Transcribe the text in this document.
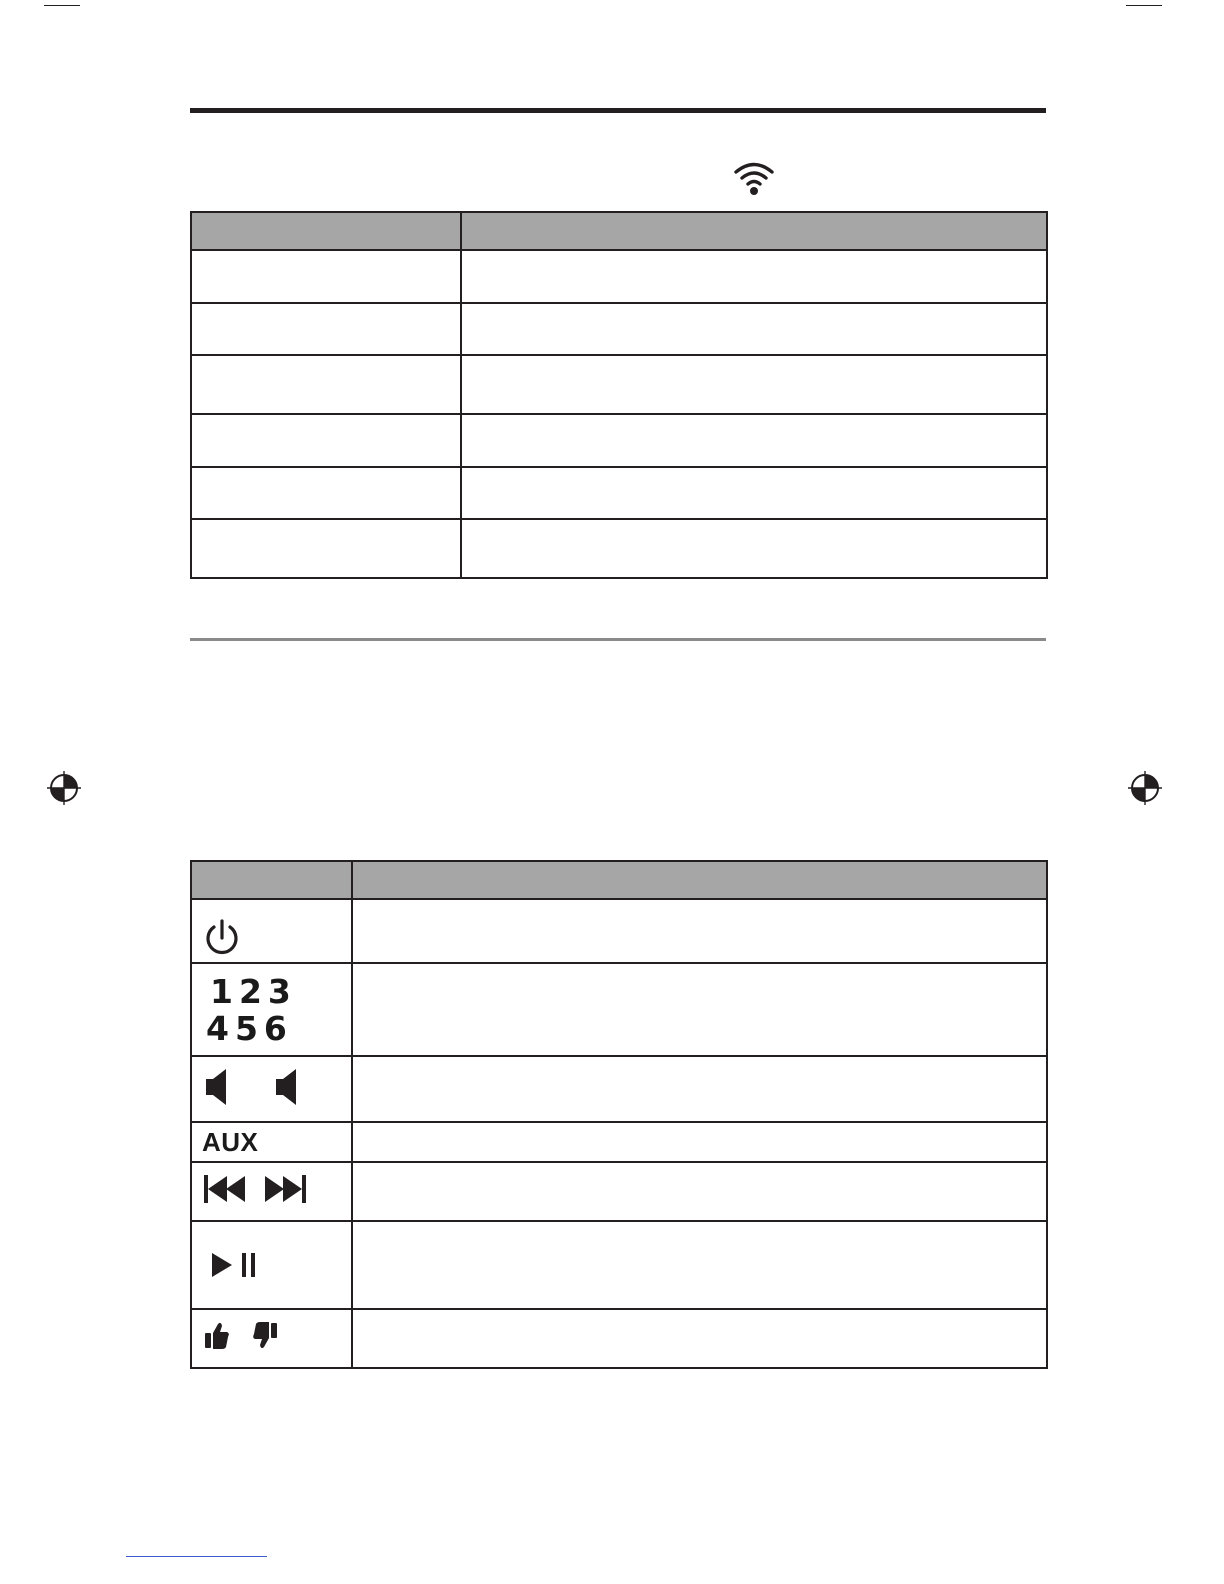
123
456	

AUX	
